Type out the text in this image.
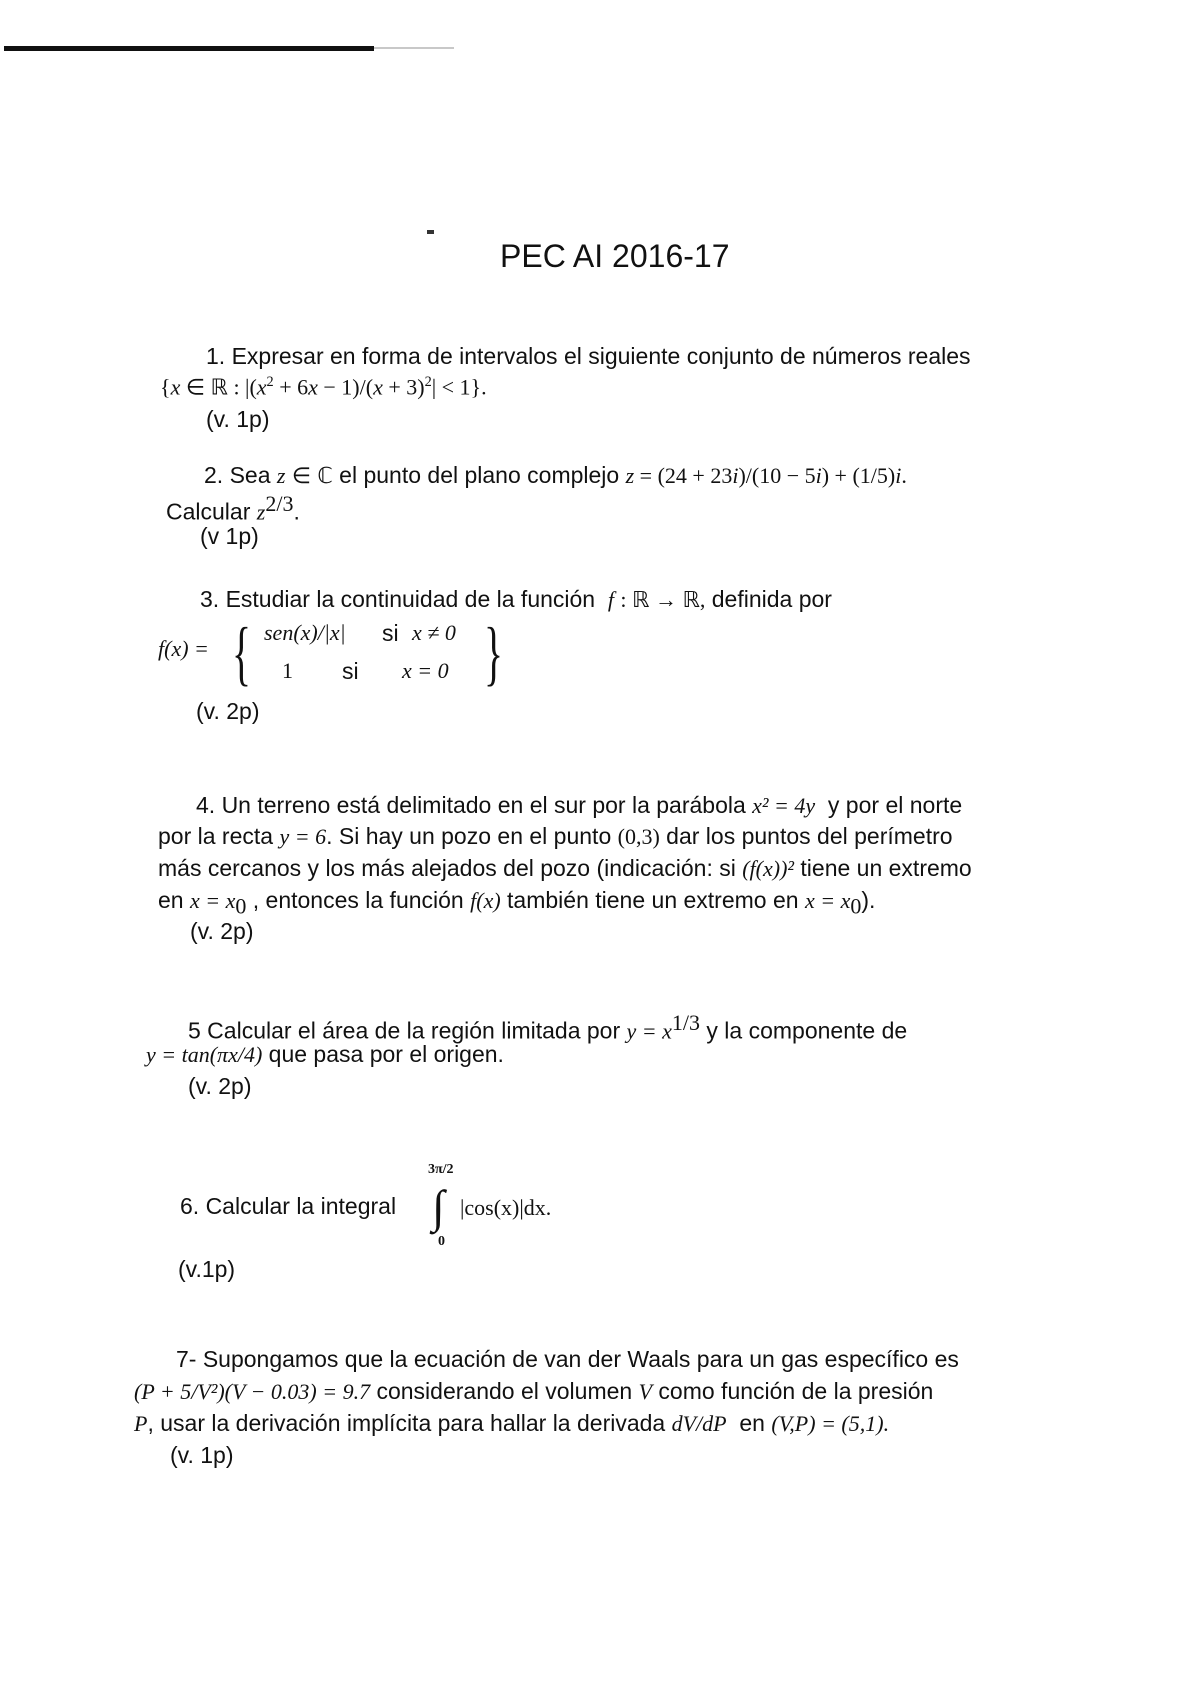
PEC AI 2016-17
1. Expresar en forma de intervalos el siguiente conjunto de números reales
{x ∈ ℝ : $|(x^2 + 6x - 1)/(x + 3)^2| < 1$}.
(v. 1p)
2. Sea z ∈ ℂ el punto del plano complejo z = (24 + 23i)/(10 − 5i) + (1/5)i.
Calcular $z^{2/3}$.
(v 1p)
3. Estudiar la continuidad de la función f : ℝ → ℝ, definida por
f(x) = { sen(x)/|x| si x ≠ 0
1 si x = 0 }
(v. 2p)
4. Un terreno está delimitado en el sur por la parábola x² = 4y y por el norte
por la recta y = 6. Si hay un pozo en el punto (0,3) dar los puntos del perímetro
más cercanos y los más alejados del pozo (indicación: si (f(x))² tiene un extremo
en $x = x_0$ , entonces la función f(x) también tiene un extremo en $x = x_0$).
(v. 2p)
5 Calcular el área de la región limitada por $y = x^{1/3}$ y la componente de
y = tan(πx/4) que pasa por el origen.
(v. 2p)
6. Calcular la integral
3π/2
∫
0
|cos(x)|dx.
(v.1p)
7- Supongamos que la ecuación de van der Waals para un gas específico es
(P + 5/V²)(V − 0.03) = 9.7 considerando el volumen V como función de la presión
P, usar la derivación implícita para hallar la derivada dV/dP en (V,P) = (5,1).
(v. 1p)
